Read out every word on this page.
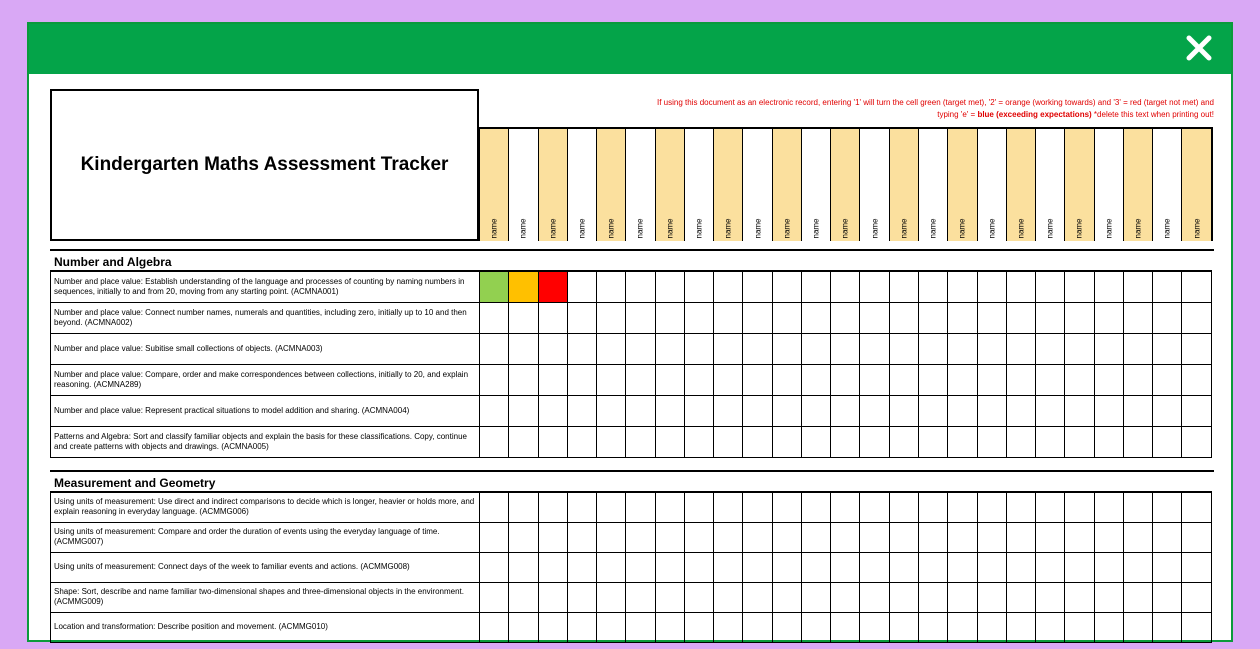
Kindergarten Maths Assessment Tracker
If using this document as an electronic record, entering '1' will turn the cell green (target met), '2' = orange (working towards) and '3' = red (target not met) and
typing 'e' = blue (exceeding expectations) *delete this text when printing out!
name	name	name	name	name	name	name	name	name	name	name	name	name	name	name	name	name	name	name	name	name	name	name	name	name
Number and Algebra
Number and place value: Establish understanding of the language and processes of counting by naming numbers in sequences, initially to and from 20, moving from any starting point. (ACMNA001)																									
Number and place value: Connect number names, numerals and quantities, including zero, initially up to 10 and then beyond. (ACMNA002)																									
Number and place value: Subitise small collections of objects. (ACMNA003)																									
Number and place value: Compare, order and make correspondences between collections, initially to 20, and explain reasoning. (ACMNA289)																									
Number and place value: Represent practical situations to model addition and sharing. (ACMNA004)																									
Patterns and Algebra: Sort and classify familiar objects and explain the basis for these classifications. Copy, continue and create patterns with objects and drawings. (ACMNA005)																									
Measurement and Geometry
Using units of measurement: Use direct and indirect comparisons to decide which is longer, heavier or holds more, and explain reasoning in everyday language. (ACMMG006)																									
Using units of measurement: Compare and order the duration of events using the everyday language of time. (ACMMG007)																									
Using units of measurement: Connect days of the week to familiar events and actions. (ACMMG008)																									
Shape: Sort, describe and name familiar two-dimensional shapes and three-dimensional objects in the environment. (ACMMG009)																									
Location and transformation: Describe position and movement. (ACMMG010)																									
